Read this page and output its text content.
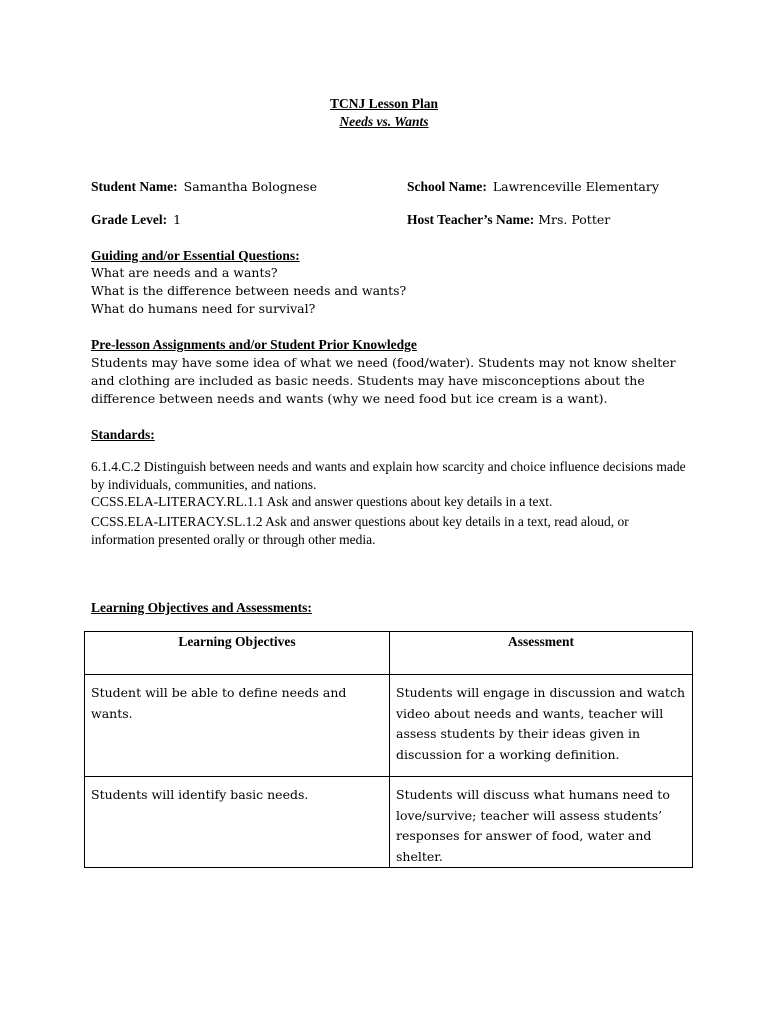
TCNJ Lesson Plan
Needs vs. Wants
Student Name: Samantha Bolognese	School Name: Lawrenceville Elementary
Grade Level: 1	Host Teacher’s Name: Mrs. Potter
Guiding and/or Essential Questions:
What are needs and a wants?
What is the difference between needs and wants?
What do humans need for survival?
Pre-lesson Assignments and/or Student Prior Knowledge
Students may have some idea of what we need (food/water). Students may not know shelter and clothing are included as basic needs. Students may have misconceptions about the difference between needs and wants (why we need food but ice cream is a want).
Standards:
6.1.4.C.2 Distinguish between needs and wants and explain how scarcity and choice influence decisions made by individuals, communities, and nations.
CCSS.ELA-LITERACY.RL.1.1 Ask and answer questions about key details in a text.
CCSS.ELA-LITERACY.SL.1.2 Ask and answer questions about key details in a text, read aloud, or information presented orally or through other media.
Learning Objectives and Assessments:
Learning Objectives	Assessment

Student will be able to define needs and wants.	Students will engage in discussion and watch video about needs and wants, teacher will assess students by their ideas given in discussion for a working definition.

Students will identify basic needs.	Students will discuss what humans need to love/survive; teacher will assess students’ responses for answer of food, water and shelter.
